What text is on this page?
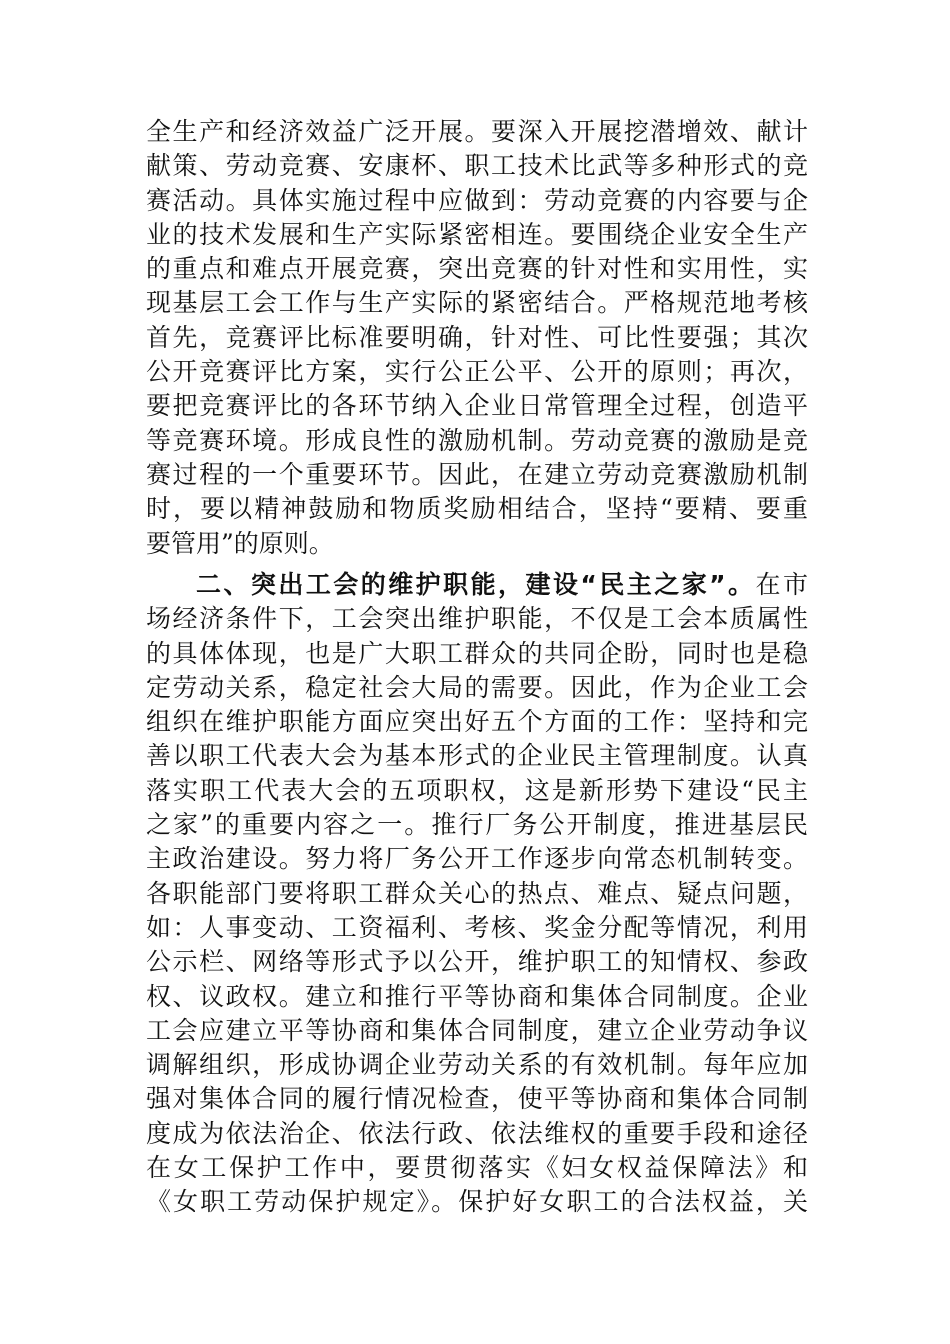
全生产和经济效益广泛开展。要深入开展挖潜增效、献计
献策、劳动竞赛、安康杯、职工技术比武等多种形式的竞
赛活动。具体实施过程中应做到：劳动竞赛的内容要与企
业的技术发展和生产实际紧密相连。要围绕企业安全生产
的重点和难点开展竞赛，突出竞赛的针对性和实用性，实
现基层工会工作与生产实际的紧密结合。严格规范地考核
首先，竞赛评比标准要明确，针对性、可比性要强；其次
公开竞赛评比方案，实行公正公平、公开的原则；再次，
要把竞赛评比的各环节纳入企业日常管理全过程，创造平
等竞赛环境。形成良性的激励机制。劳动竞赛的激励是竞
赛过程的一个重要环节。因此，在建立劳动竞赛激励机制
时，要以精神鼓励和物质奖励相结合，坚持“要精、要重
要管用”的原则。
二、突出工会的维护职能，建设“民主之家”。在市
场经济条件下，工会突出维护职能，不仅是工会本质属性
的具体体现，也是广大职工群众的共同企盼，同时也是稳
定劳动关系，稳定社会大局的需要。因此，作为企业工会
组织在维护职能方面应突出好五个方面的工作：坚持和完
善以职工代表大会为基本形式的企业民主管理制度。认真
落实职工代表大会的五项职权，这是新形势下建设“民主
之家”的重要内容之一。推行厂务公开制度，推进基层民
主政治建设。努力将厂务公开工作逐步向常态机制转变。
各职能部门要将职工群众关心的热点、难点、疑点问题，
如：人事变动、工资福利、考核、奖金分配等情况，利用
公示栏、网络等形式予以公开，维护职工的知情权、参政
权、议政权。建立和推行平等协商和集体合同制度。企业
工会应建立平等协商和集体合同制度，建立企业劳动争议
调解组织，形成协调企业劳动关系的有效机制。每年应加
强对集体合同的履行情况检查，使平等协商和集体合同制
度成为依法治企、依法行政、依法维权的重要手段和途径
在女工保护工作中，要贯彻落实《妇女权益保障法》和
《女职工劳动保护规定》。保护好女职工的合法权益，关
